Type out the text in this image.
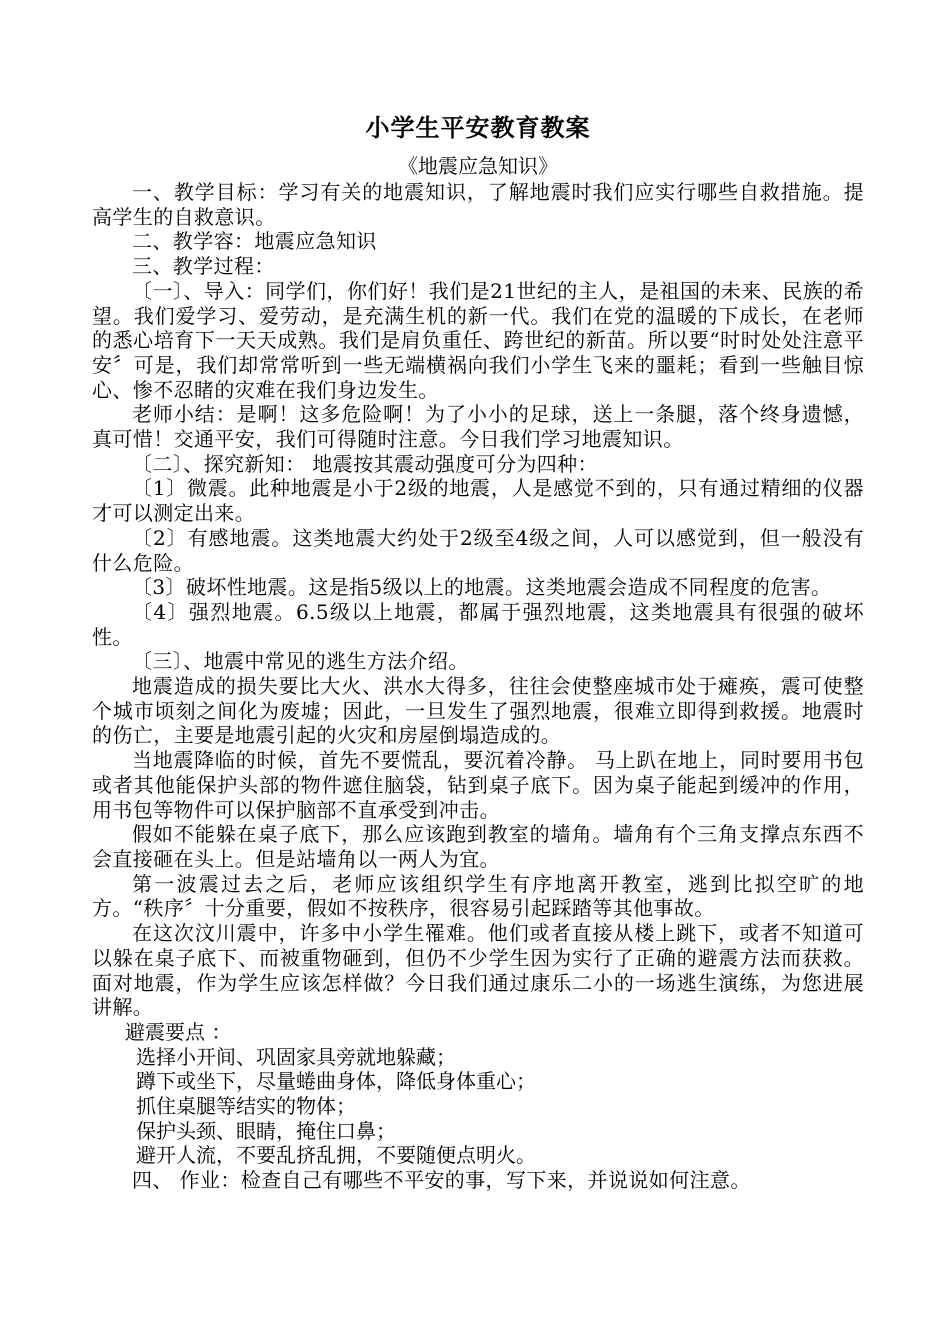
小学生平安教育教案

《地震应急知识》

一、教学目标：学习有关的地震知识，了解地震时我们应实行哪些自救措施。提高学生的自救意识。

二、教学容：地震应急知识

三、教学过程：

〔一〕、导入：同学们，你们好！我们是21世纪的主人，是祖国的未来、民族的希望。我们爱学习、爱劳动，是充满生机的新一代。我们在党的温暖的下成长，在老师的悉心培育下一天天成熟。我们是肩负重任、跨世纪的新苗。所以要“时时处处注意平安〞可是，我们却常常听到一些无端横祸向我们小学生飞来的噩耗；看到一些触目惊心、惨不忍睹的灾难在我们身边发生。

老师小结：是啊！这多危险啊！为了小小的足球，送上一条腿，落个终身遗憾，真可惜！交通平安，我们可得随时注意。今日我们学习地震知识。

〔二〕、探究新知： 地震按其震动强度可分为四种：

〔1〕微震。此种地震是小于2级的地震，人是感觉不到的，只有通过精细的仪器才可以测定出来。

〔2〕有感地震。这类地震大约处于2级至4级之间，人可以感觉到，但一般没有什么危险。

〔3〕破坏性地震。这是指5级以上的地震。这类地震会造成不同程度的危害。

〔4〕强烈地震。6.5级以上地震，都属于强烈地震，这类地震具有很强的破坏性。

〔三〕、地震中常见的逃生方法介绍。

地震造成的损失要比大火、洪水大得多，往往会使整座城市处于瘫痪，震可使整个城市顷刻之间化为废墟；因此，一旦发生了强烈地震，很难立即得到救援。地震时的伤亡，主要是地震引起的火灾和房屋倒塌造成的。

当地震降临的时候，首先不要慌乱，要沉着冷静。 马上趴在地上，同时要用书包或者其他能保护头部的物件遮住脑袋，钻到桌子底下。因为桌子能起到缓冲的作用，用书包等物件可以保护脑部不直承受到冲击。

假如不能躲在桌子底下，那么应该跑到教室的墙角。墙角有个三角支撑点东西不会直接砸在头上。但是站墙角以一两人为宜。

第一波震过去之后，老师应该组织学生有序地离开教室，逃到比拟空旷的地方。“秩序〞十分重要，假如不按秩序，很容易引起踩踏等其他事故。

在这次汶川震中，许多中小学生罹难。他们或者直接从楼上跳下，或者不知道可以躲在桌子底下、而被重物砸到，但仍不少学生因为实行了正确的避震方法而获救。面对地震，作为学生应该怎样做？今日我们通过康乐二小的一场逃生演练，为您进展讲解。

避震要点 ：

选择小开间、巩固家具旁就地躲藏；

蹲下或坐下，尽量蜷曲身体，降低身体重心；

抓住桌腿等结实的物体；

保护头颈、眼睛，掩住口鼻；

避开人流，不要乱挤乱拥，不要随便点明火。

四、 作业：检查自己有哪些不平安的事，写下来，并说说如何注意。
